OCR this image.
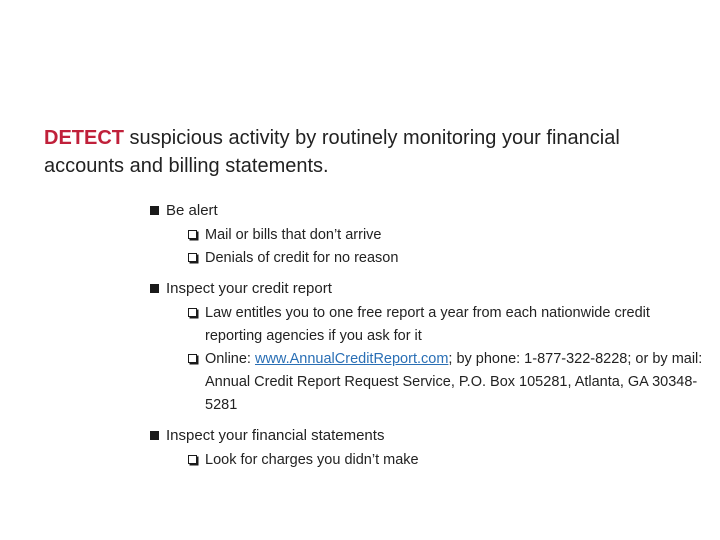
DETECT suspicious activity by routinely monitoring your financial accounts and billing statements.
Be alert
Mail or bills that don’t arrive
Denials of credit for no reason
Inspect your credit report
Law entitles you to one free report a year from each nationwide credit reporting agencies if you ask for it
Online: www.AnnualCreditReport.com; by phone: 1-877-322-8228; or by mail: Annual Credit Report Request Service, P.O. Box 105281, Atlanta, GA 30348-5281
Inspect your financial statements
Look for charges you didn’t make
